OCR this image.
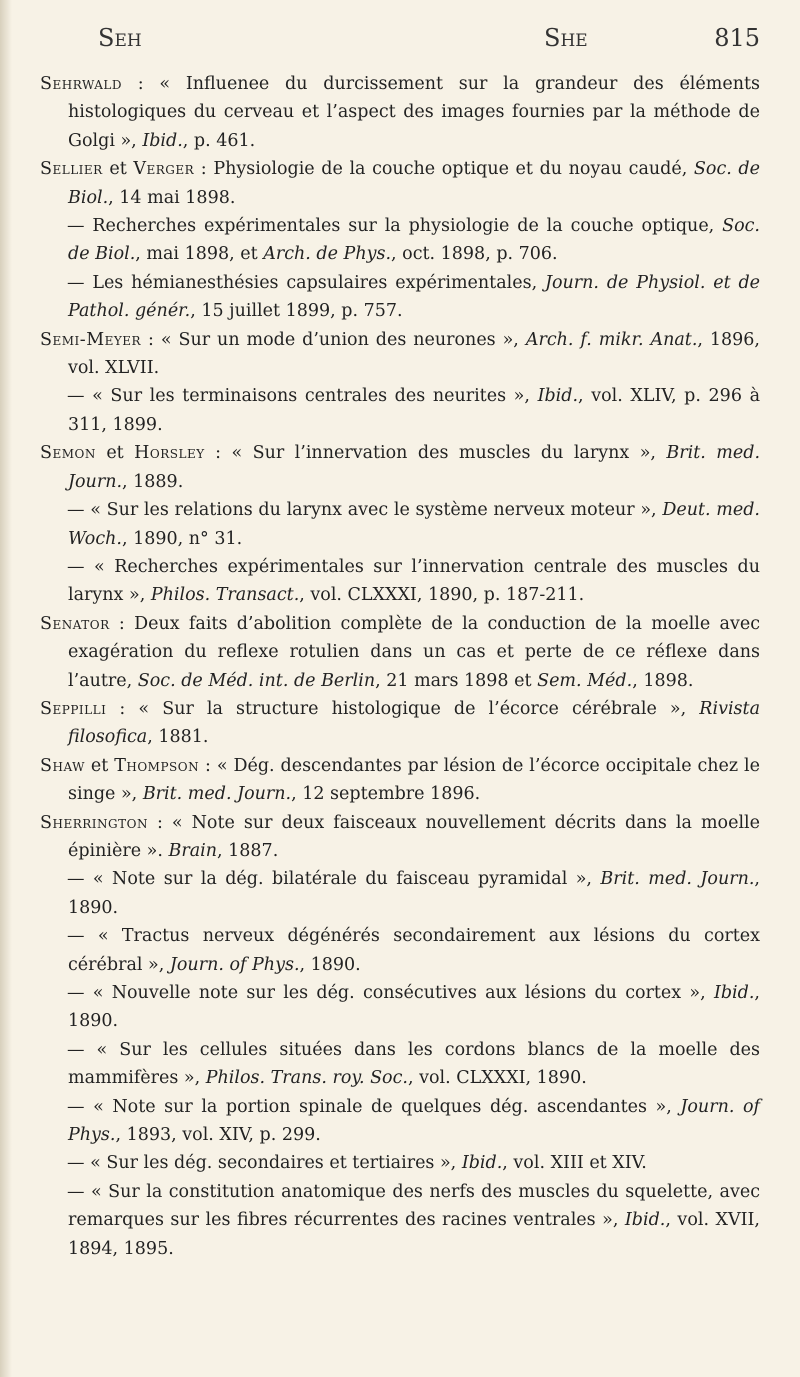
Seh	She	815
Sehrwald : « Influenee du durcissement sur la grandeur des éléments histologiques du cerveau et l’aspect des images fournies par la méthode de Golgi », Ibid., p. 461.
Sellier et Verger : Physiologie de la couche optique et du noyau caudé, Soc. de Biol., 14 mai 1898.
— Recherches expérimentales sur la physiologie de la couche optique, Soc. de Biol., mai 1898, et Arch. de Phys., oct. 1898, p. 706.
— Les hémianesthésies capsulaires expérimentales, Journ. de Physiol. et de Pathol. génér., 15 juillet 1899, p. 757.
Semi-Meyer : « Sur un mode d’union des neurones », Arch. f. mikr. Anat., 1896, vol. XLVII.
— « Sur les terminaisons centrales des neurites », Ibid., vol. XLIV, p. 296 à 311, 1899.
Semon et Horsley : « Sur l’innervation des muscles du larynx », Brit. med. Journ., 1889.
— « Sur les relations du larynx avec le système nerveux moteur », Deut. med. Woch., 1890, n° 31.
— « Recherches expérimentales sur l’innervation centrale des muscles du larynx », Philos. Transact., vol. CLXXXI, 1890, p. 187-211.
Senator : Deux faits d’abolition complète de la conduction de la moelle avec exagération du reflexe rotulien dans un cas et perte de ce réflexe dans l’autre, Soc. de Méd. int. de Berlin, 21 mars 1898 et Sem. Méd., 1898.
Seppilli : « Sur la structure histologique de l’écorce cérébrale », Rivista filosofica, 1881.
Shaw et Thompson : « Dég. descendantes par lésion de l’écorce occipitale chez le singe », Brit. med. Journ., 12 septembre 1896.
Sherrington : « Note sur deux faisceaux nouvellement décrits dans la moelle épinière ». Brain, 1887.
— « Note sur la dég. bilatérale du faisceau pyramidal », Brit. med. Journ., 1890.
— « Tractus nerveux dégénérés secondairement aux lésions du cortex cérébral », Journ. of Phys., 1890.
— « Nouvelle note sur les dég. consécutives aux lésions du cortex », Ibid., 1890.
— « Sur les cellules situées dans les cordons blancs de la moelle des mammifères », Philos. Trans. roy. Soc., vol. CLXXXI, 1890.
— « Note sur la portion spinale de quelques dég. ascendantes », Journ. of Phys., 1893, vol. XIV, p. 299.
— « Sur les dég. secondaires et tertiaires », Ibid., vol. XIII et XIV.
— « Sur la constitution anatomique des nerfs des muscles du squelette, avec remarques sur les fibres récurrentes des racines ventrales », Ibid., vol. XVII, 1894, 1895.
